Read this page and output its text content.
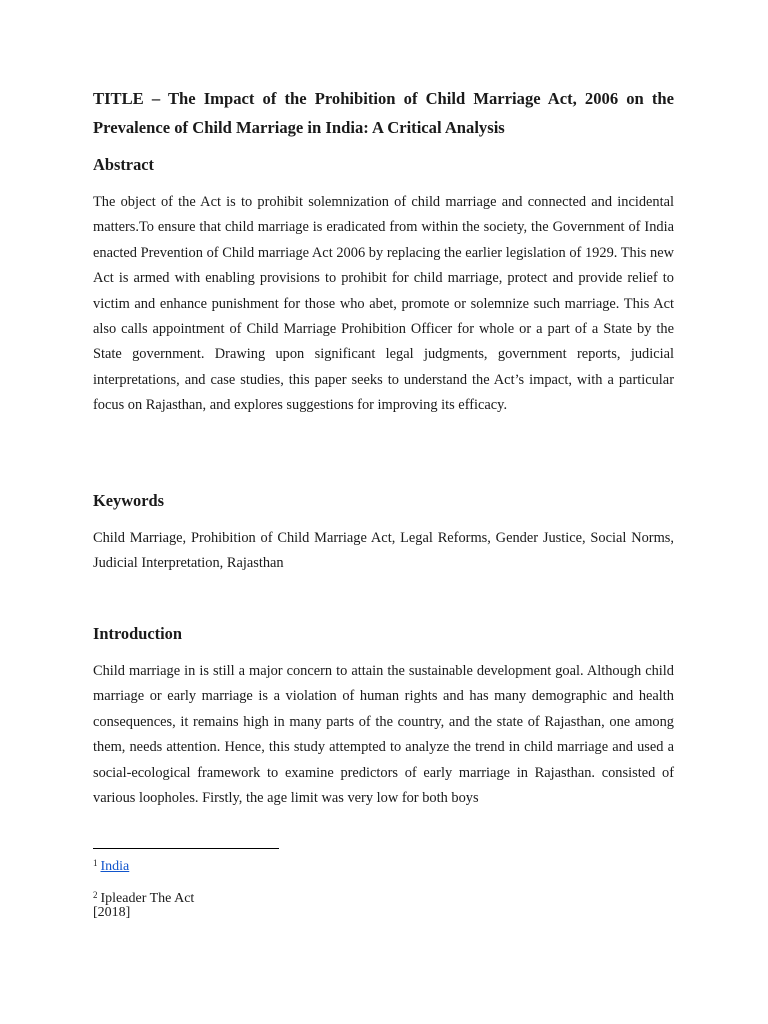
TITLE – The Impact of the Prohibition of Child Marriage Act, 2006 on the Prevalence of Child Marriage in India: A Critical Analysis
Abstract

The object of the Act is to prohibit solemnization of child marriage and connected and incidental matters.To ensure that child marriage is eradicated from within the society, the Government of India enacted Prevention of Child marriage Act 2006 by replacing the earlier legislation of 1929. This new Act is armed with enabling provisions to prohibit for child marriage, protect and provide relief to victim and enhance punishment for those who abet, promote or solemnize such marriage. This Act also calls appointment of Child Marriage Prohibition Officer for whole or a part of a State by the State government. Drawing upon significant legal judgments, government reports, judicial interpretations, and case studies, this paper seeks to understand the Act’s impact, with a particular focus on Rajasthan, and explores suggestions for improving its efficacy.

Keywords

Child Marriage, Prohibition of Child Marriage Act, Legal Reforms, Gender Justice, Social Norms, Judicial Interpretation, Rajasthan

Introduction

Child marriage in is still a major concern to attain the sustainable development goal. Although child marriage or early marriage is a violation of human rights and has many demographic and health consequences, it remains high in many parts of the country, and the state of Rajasthan, one among them, needs attention. Hence, this study attempted to analyze the trend in child marriage and used a social-ecological framework to examine predictors of early marriage in Rajasthan. consisted of various loopholes. Firstly, the age limit was very low for both boys

$^1$ India

$^2$ Ipleader The Act

[2018]
